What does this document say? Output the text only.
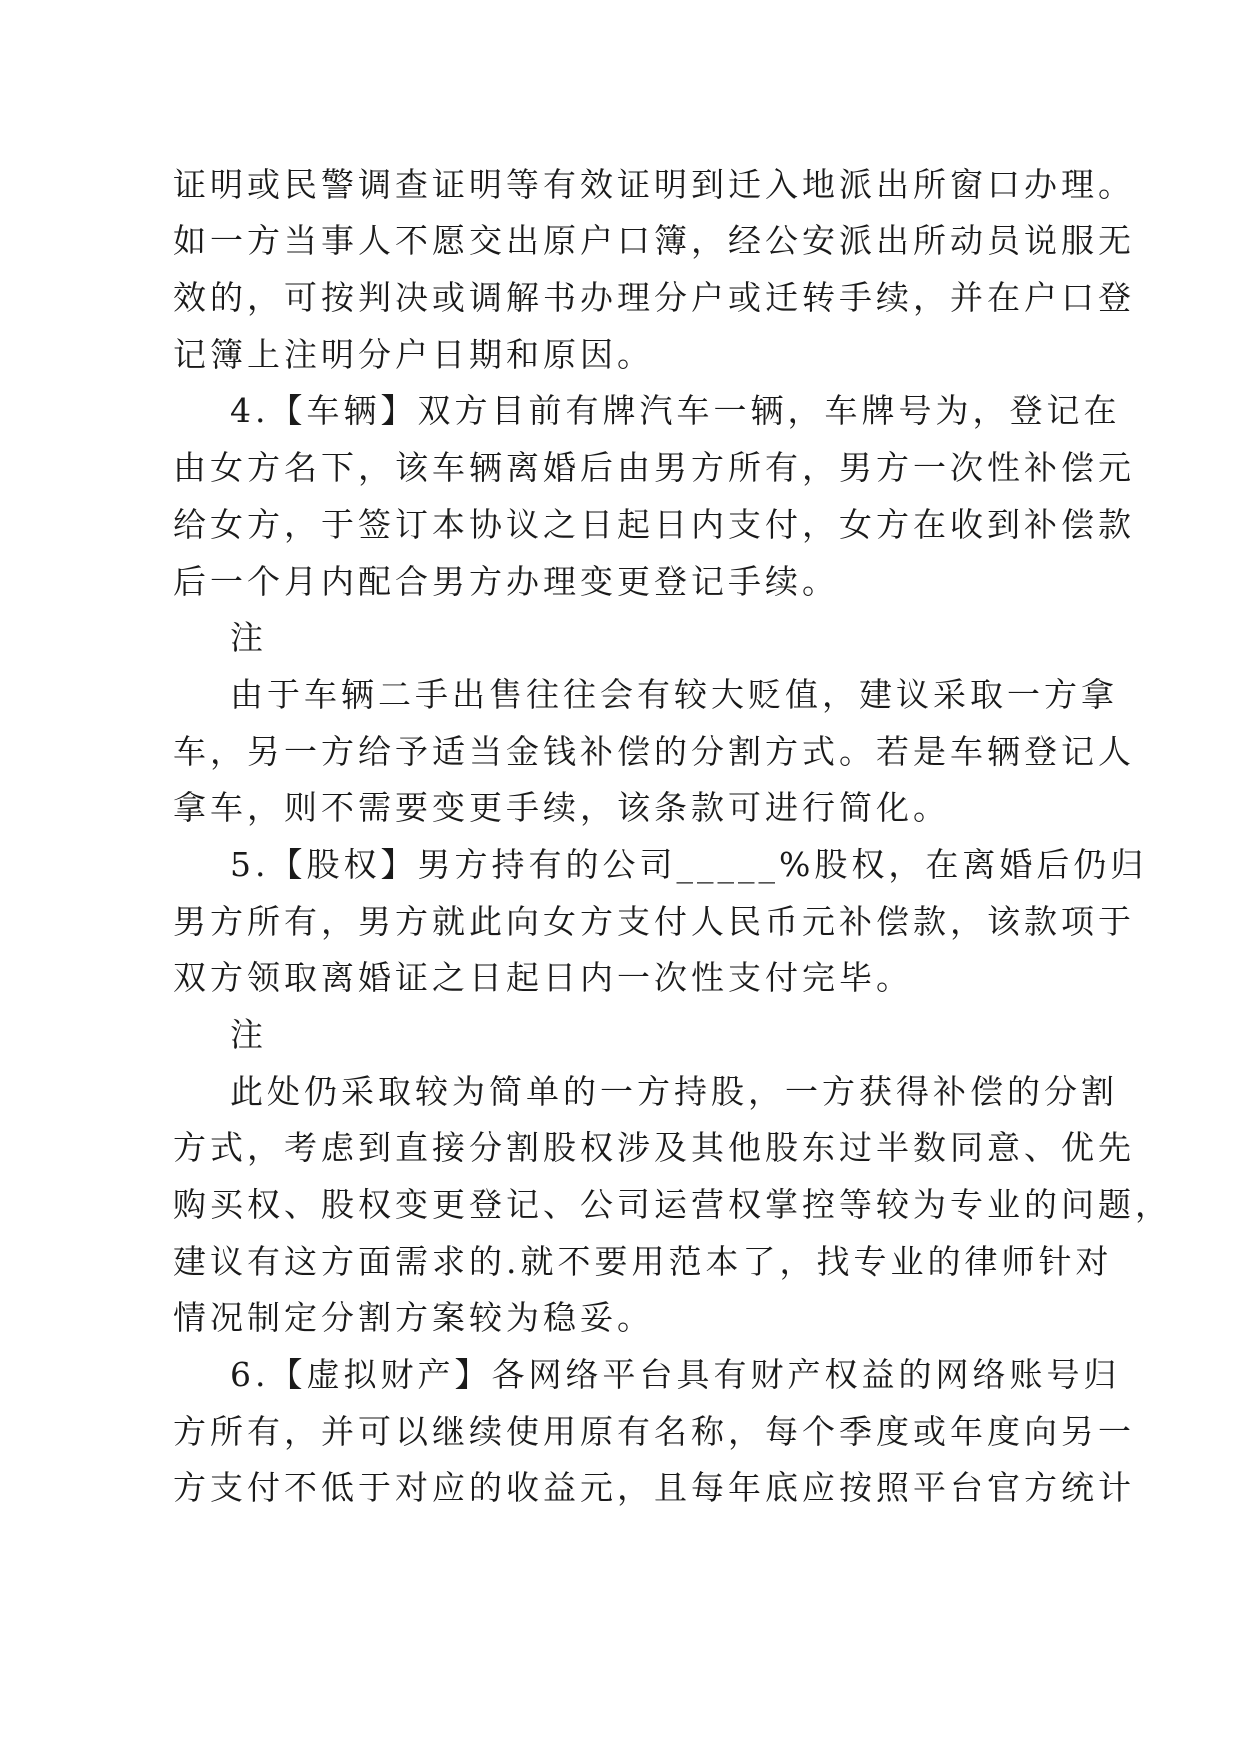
证明或民警调查证明等有效证明到迁入地派出所窗口办理。
如一方当事人不愿交出原户口簿，经公安派出所动员说服无
效的，可按判决或调解书办理分户或迁转手续，并在户口登
记簿上注明分户日期和原因。
4.【车辆】双方目前有牌汽车一辆，车牌号为，登记在
由女方名下，该车辆离婚后由男方所有，男方一次性补偿元
给女方，于签订本协议之日起日内支付，女方在收到补偿款
后一个月内配合男方办理变更登记手续。
注
由于车辆二手出售往往会有较大贬值，建议采取一方拿
车，另一方给予适当金钱补偿的分割方式。若是车辆登记人
拿车，则不需要变更手续，该条款可进行简化。
5.【股权】男方持有的公司_____%股权，在离婚后仍归
男方所有，男方就此向女方支付人民币元补偿款，该款项于
双方领取离婚证之日起日内一次性支付完毕。
注
此处仍采取较为简单的一方持股，一方获得补偿的分割
方式，考虑到直接分割股权涉及其他股东过半数同意、优先
购买权、股权变更登记、公司运营权掌控等较为专业的问题，
建议有这方面需求的.就不要用范本了，找专业的律师针对
情况制定分割方案较为稳妥。
6.【虚拟财产】各网络平台具有财产权益的网络账号归
方所有，并可以继续使用原有名称，每个季度或年度向另一
方支付不低于对应的收益元，且每年底应按照平台官方统计
